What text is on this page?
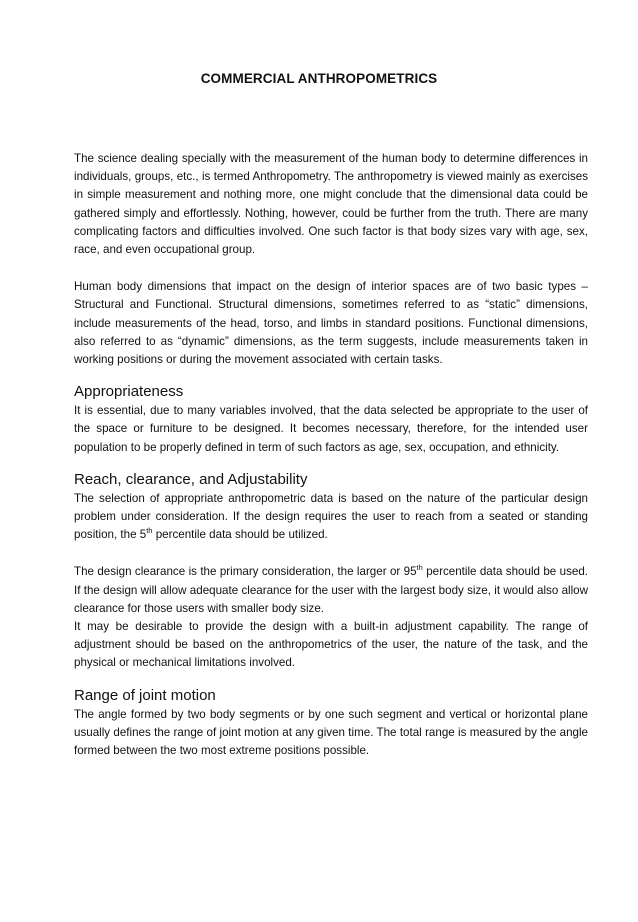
COMMERCIAL ANTHROPOMETRICS

The science dealing specially with the measurement of the human body to determine differences in individuals, groups, etc., is termed Anthropometry. The anthropometry is viewed mainly as exercises in simple measurement and nothing more, one might conclude that the dimensional data could be gathered simply and effortlessly. Nothing, however, could be further from the truth. There are many complicating factors and difficulties involved. One such factor is that body sizes vary with age, sex, race, and even occupational group.

Human body dimensions that impact on the design of interior spaces are of two basic types – Structural and Functional. Structural dimensions, sometimes referred to as “static” dimensions, include measurements of the head, torso, and limbs in standard positions. Functional dimensions, also referred to as “dynamic” dimensions, as the term suggests, include measurements taken in working positions or during the movement associated with certain tasks.

Appropriateness

It is essential, due to many variables involved, that the data selected be appropriate to the user of the space or furniture to be designed. It becomes necessary, therefore, for the intended user population to be properly defined in term of such factors as age, sex, occupation, and ethnicity.

Reach, clearance, and Adjustability

The selection of appropriate anthropometric data is based on the nature of the particular design problem under consideration. If the design requires the user to reach from a seated or standing position, the 5th percentile data should be utilized.

The design clearance is the primary consideration, the larger or 95th percentile data should be used. If the design will allow adequate clearance for the user with the largest body size, it would also allow clearance for those users with smaller body size.

It may be desirable to provide the design with a built-in adjustment capability. The range of adjustment should be based on the anthropometrics of the user, the nature of the task, and the physical or mechanical limitations involved.

Range of joint motion

The angle formed by two body segments or by one such segment and vertical or horizontal plane usually defines the range of joint motion at any given time. The total range is measured by the angle formed between the two most extreme positions possible.
